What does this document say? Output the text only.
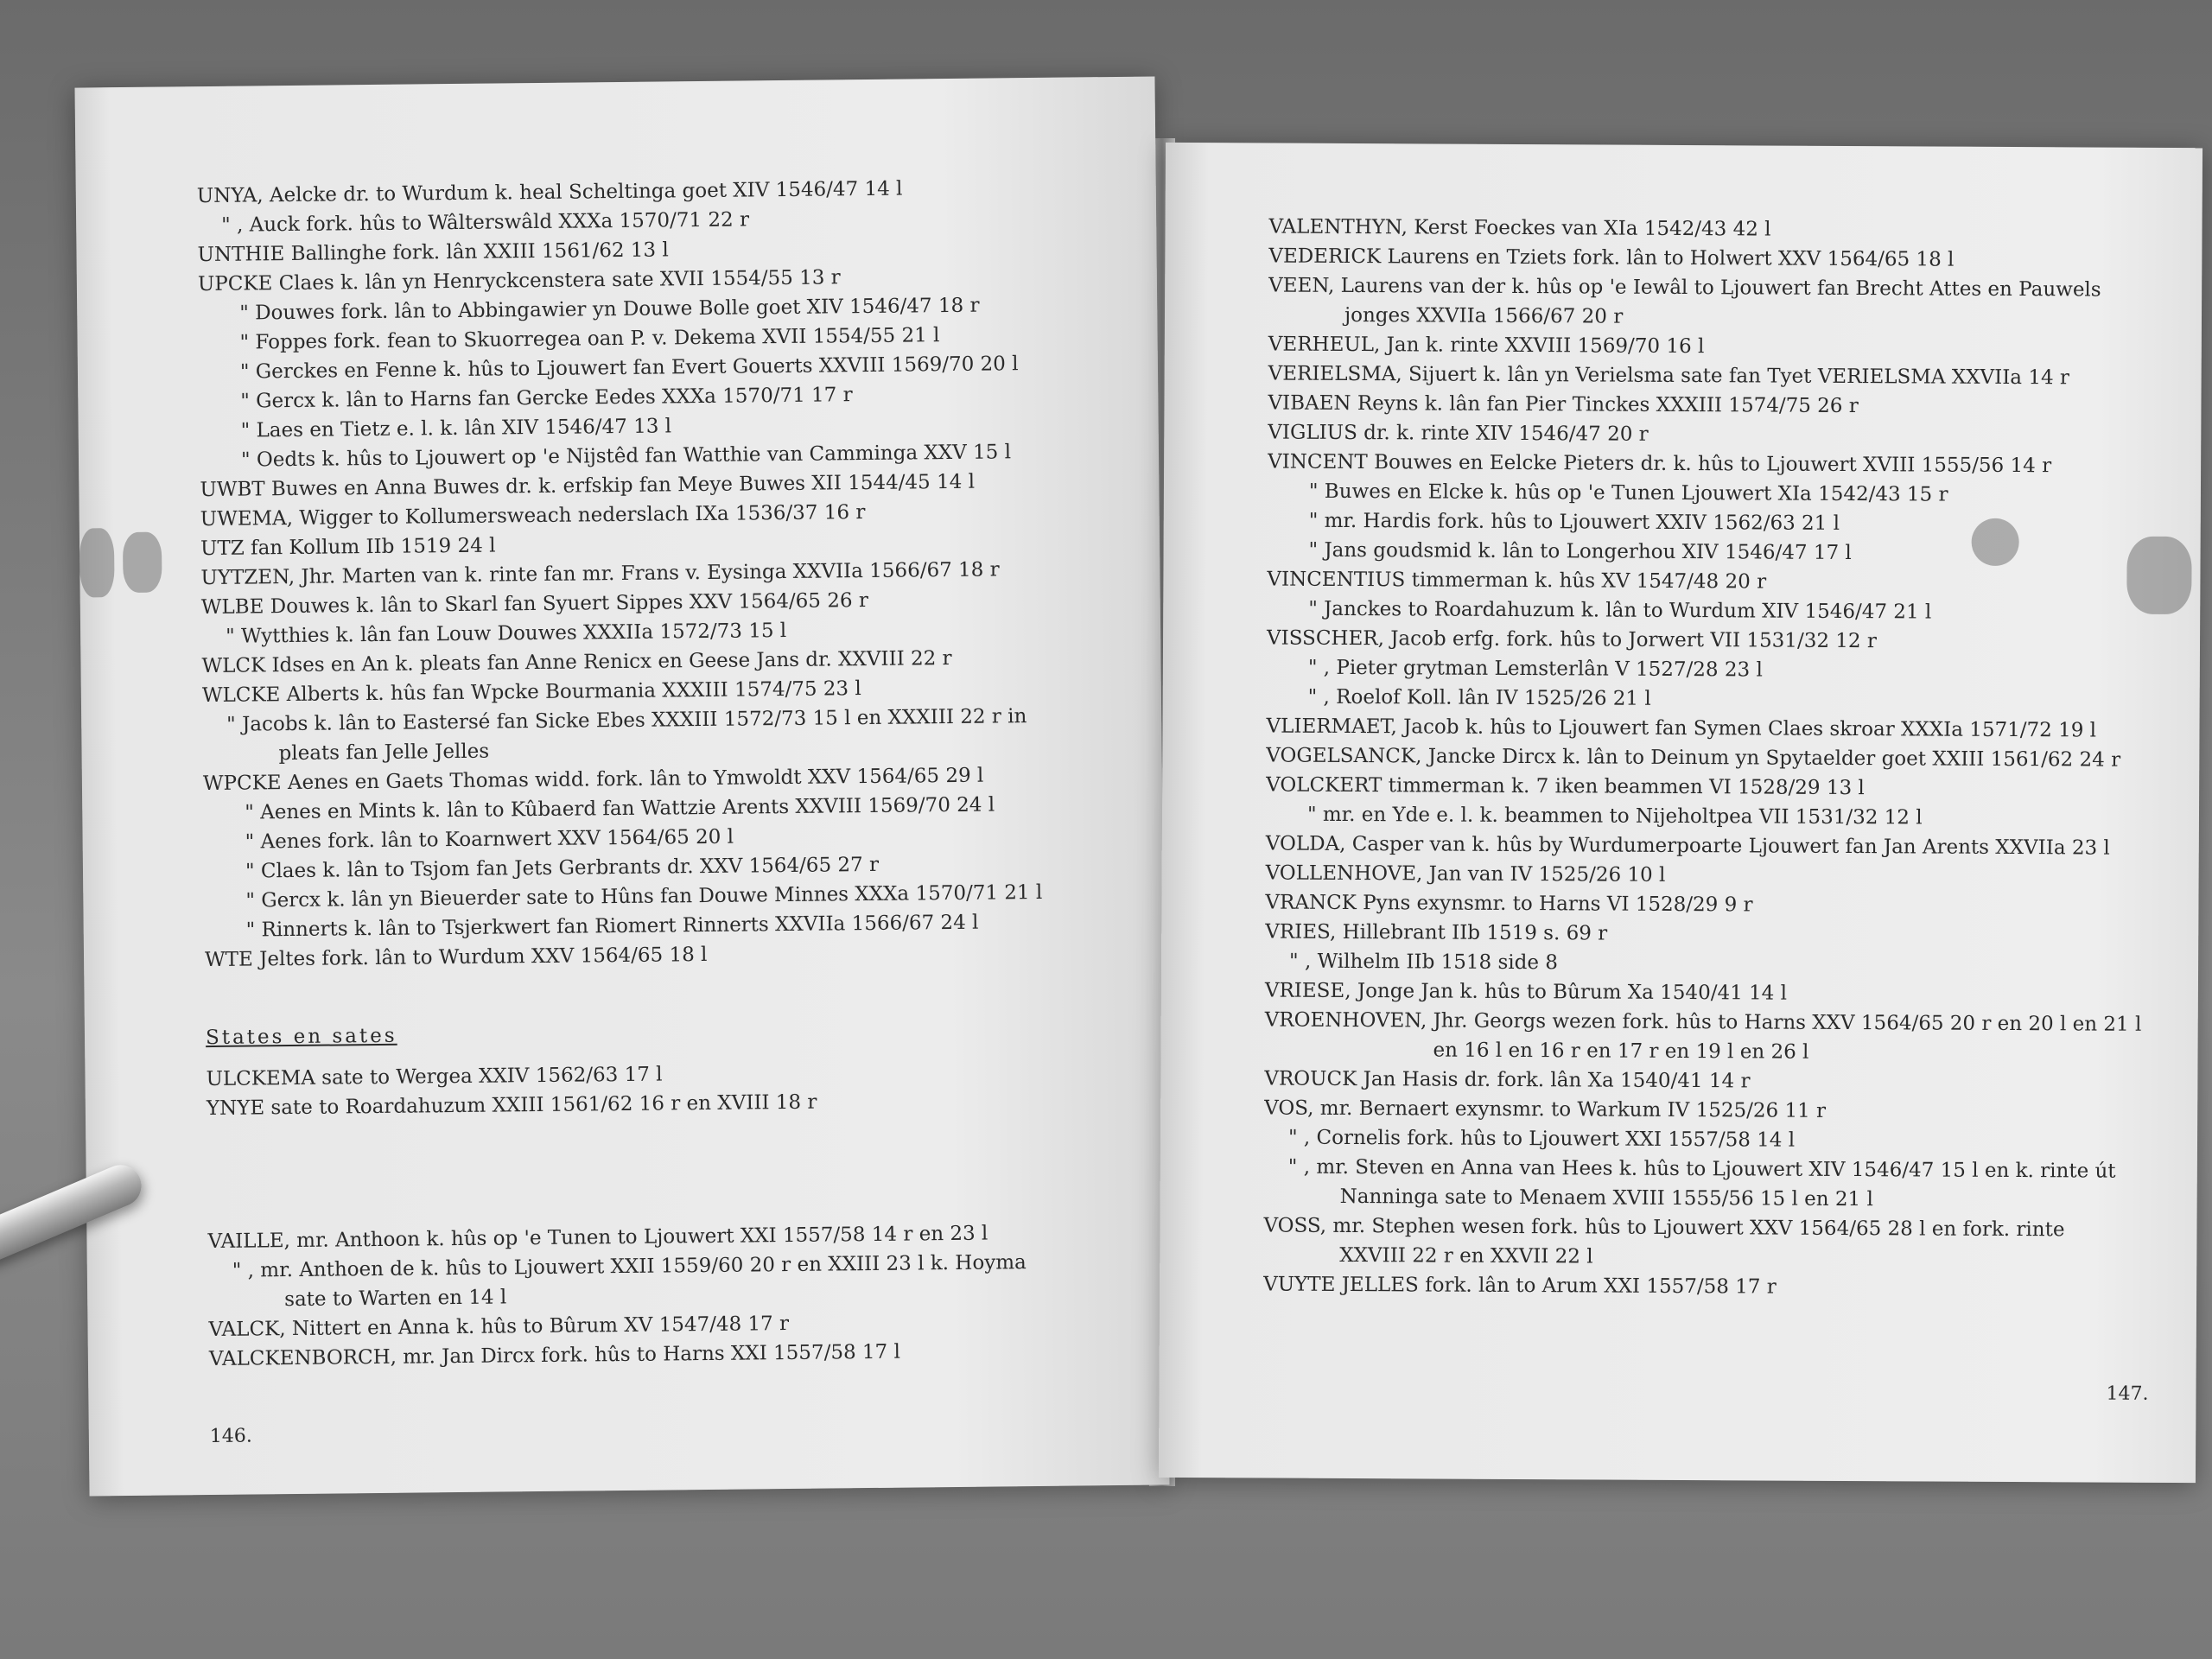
UNYA, Aelcke dr. to Wurdum k. heal Scheltinga goet XIV 1546/47 14 l
" , Auck fork. hûs to Wâlterswâld XXXa 1570/71 22 r
UNTHIE Ballinghe fork. lân XXIII 1561/62 13 l
UPCKE Claes k. lân yn Henryckcenstera sate XVII 1554/55 13 r
" Douwes fork. lân to Abbingawier yn Douwe Bolle goet XIV 1546/47 18 r
" Foppes fork. fean to Skuorregea oan P. v. Dekema XVII 1554/55 21 l
" Gerckes en Fenne k. hûs to Ljouwert fan Evert Gouerts XXVIII 1569/70 20 l
" Gercx k. lân to Harns fan Gercke Eedes XXXa 1570/71 17 r
" Laes en Tietz e. l. k. lân XIV 1546/47 13 l
" Oedts k. hûs to Ljouwert op 'e Nijstêd fan Watthie van Camminga XXV 15 l
UWBT Buwes en Anna Buwes dr. k. erfskip fan Meye Buwes XII 1544/45 14 l
UWEMA, Wigger to Kollumersweach nederslach IXa 1536/37 16 r
UTZ fan Kollum IIb 1519 24 l
UYTZEN, Jhr. Marten van k. rinte fan mr. Frans v. Eysinga XXVIIa 1566/67 18 r
WLBE Douwes k. lân to Skarl fan Syuert Sippes XXV 1564/65 26 r
" Wytthies k. lân fan Louw Douwes XXXIIa 1572/73 15 l
WLCK Idses en An k. pleats fan Anne Renicx en Geese Jans dr. XXVIII 22 r
WLCKE Alberts k. hûs fan Wpcke Bourmania XXXIII 1574/75 23 l
" Jacobs k. lân to Eastersé fan Sicke Ebes XXXIII 1572/73 15 l en XXXIII 22 r in
pleats fan Jelle Jelles
WPCKE Aenes en Gaets Thomas widd. fork. lân to Ymwoldt XXV 1564/65 29 l
" Aenes en Mints k. lân to Kûbaerd fan Wattzie Arents XXVIII 1569/70 24 l
" Aenes fork. lân to Koarnwert XXV 1564/65 20 l
" Claes k. lân to Tsjom fan Jets Gerbrants dr. XXV 1564/65 27 r
" Gercx k. lân yn Bieuerder sate to Hûns fan Douwe Minnes XXXa 1570/71 21 l
" Rinnerts k. lân to Tsjerkwert fan Riomert Rinnerts XXVIIa 1566/67 24 l
WTE Jeltes fork. lân to Wurdum XXV 1564/65 18 l
States en sates
ULCKEMA sate to Wergea XXIV 1562/63 17 l
YNYE sate to Roardahuzum XXIII 1561/62 16 r en XVIII 18 r
VAILLE, mr. Anthoon k. hûs op 'e Tunen to Ljouwert XXI 1557/58 14 r en 23 l
" , mr. Anthoen de k. hûs to Ljouwert XXII 1559/60 20 r en XXIII 23 l k. Hoyma
sate to Warten en 14 l
VALCK, Nittert en Anna k. hûs to Bûrum XV 1547/48 17 r
VALCKENBORCH, mr. Jan Dircx fork. hûs to Harns XXI 1557/58 17 l
146.
VALENTHYN, Kerst Foeckes van XIa 1542/43 42 l
VEDERICK Laurens en Tziets fork. lân to Holwert XXV 1564/65 18 l
VEEN, Laurens van der k. hûs op 'e Iewâl to Ljouwert fan Brecht Attes en Pauwels
jonges XXVIIa 1566/67 20 r
VERHEUL, Jan k. rinte XXVIII 1569/70 16 l
VERIELSMA, Sijuert k. lân yn Verielsma sate fan Tyet VERIELSMA XXVIIa 14 r
VIBAEN Reyns k. lân fan Pier Tinckes XXXIII 1574/75 26 r
VIGLIUS dr. k. rinte XIV 1546/47 20 r
VINCENT Bouwes en Eelcke Pieters dr. k. hûs to Ljouwert XVIII 1555/56 14 r
" Buwes en Elcke k. hûs op 'e Tunen Ljouwert XIa 1542/43 15 r
" mr. Hardis fork. hûs to Ljouwert XXIV 1562/63 21 l
" Jans goudsmid k. lân to Longerhou XIV 1546/47 17 l
VINCENTIUS timmerman k. hûs XV 1547/48 20 r
" Janckes to Roardahuzum k. lân to Wurdum XIV 1546/47 21 l
VISSCHER, Jacob erfg. fork. hûs to Jorwert VII 1531/32 12 r
" , Pieter grytman Lemsterlân V 1527/28 23 l
" , Roelof Koll. lân IV 1525/26 21 l
VLIERMAET, Jacob k. hûs to Ljouwert fan Symen Claes skroar XXXIa 1571/72 19 l
VOGELSANCK, Jancke Dircx k. lân to Deinum yn Spytaelder goet XXIII 1561/62 24 r
VOLCKERT timmerman k. 7 iken beammen VI 1528/29 13 l
" mr. en Yde e. l. k. beammen to Nijeholtpea VII 1531/32 12 l
VOLDA, Casper van k. hûs by Wurdumerpoarte Ljouwert fan Jan Arents XXVIIa 23 l
VOLLENHOVE, Jan van IV 1525/26 10 l
VRANCK Pyns exynsmr. to Harns VI 1528/29 9 r
VRIES, Hillebrant IIb 1519 s. 69 r
" , Wilhelm IIb 1518 side 8
VRIESE, Jonge Jan k. hûs to Bûrum Xa 1540/41 14 l
VROENHOVEN, Jhr. Georgs wezen fork. hûs to Harns XXV 1564/65 20 r en 20 l en 21 l
en 16 l en 16 r en 17 r en 19 l en 26 l
VROUCK Jan Hasis dr. fork. lân Xa 1540/41 14 r
VOS, mr. Bernaert exynsmr. to Warkum IV 1525/26 11 r
" , Cornelis fork. hûs to Ljouwert XXI 1557/58 14 l
" , mr. Steven en Anna van Hees k. hûs to Ljouwert XIV 1546/47 15 l en k. rinte út
Nanninga sate to Menaem XVIII 1555/56 15 l en 21 l
VOSS, mr. Stephen wesen fork. hûs to Ljouwert XXV 1564/65 28 l en fork. rinte
XXVIII 22 r en XXVII 22 l
VUYTE JELLES fork. lân to Arum XXI 1557/58 17 r
147.
